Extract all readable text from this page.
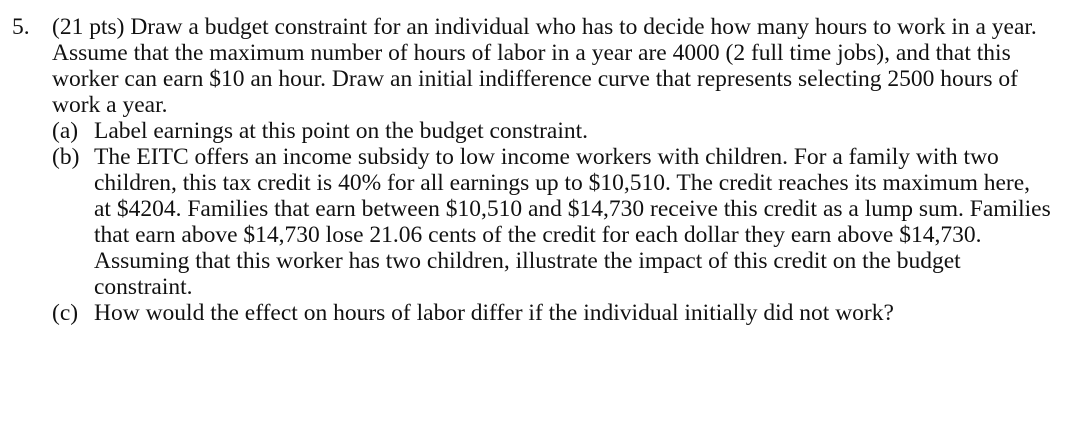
5. (21 pts) Draw a budget constraint for an individual who has to decide how many hours to work in a year. Assume that the maximum number of hours of labor in a year are 4000 (2 full time jobs), and that this worker can earn $10 an hour. Draw an initial indifference curve that represents selecting 2500 hours of work a year.
(a) Label earnings at this point on the budget constraint.
(b) The EITC offers an income subsidy to low income workers with children. For a family with two children, this tax credit is 40% for all earnings up to $10,510. The credit reaches its maximum here, at $4204. Families that earn between $10,510 and $14,730 receive this credit as a lump sum. Families that earn above $14,730 lose 21.06 cents of the credit for each dollar they earn above $14,730. Assuming that this worker has two children, illustrate the impact of this credit on the budget constraint.
(c) How would the effect on hours of labor differ if the individual initially did not work?
